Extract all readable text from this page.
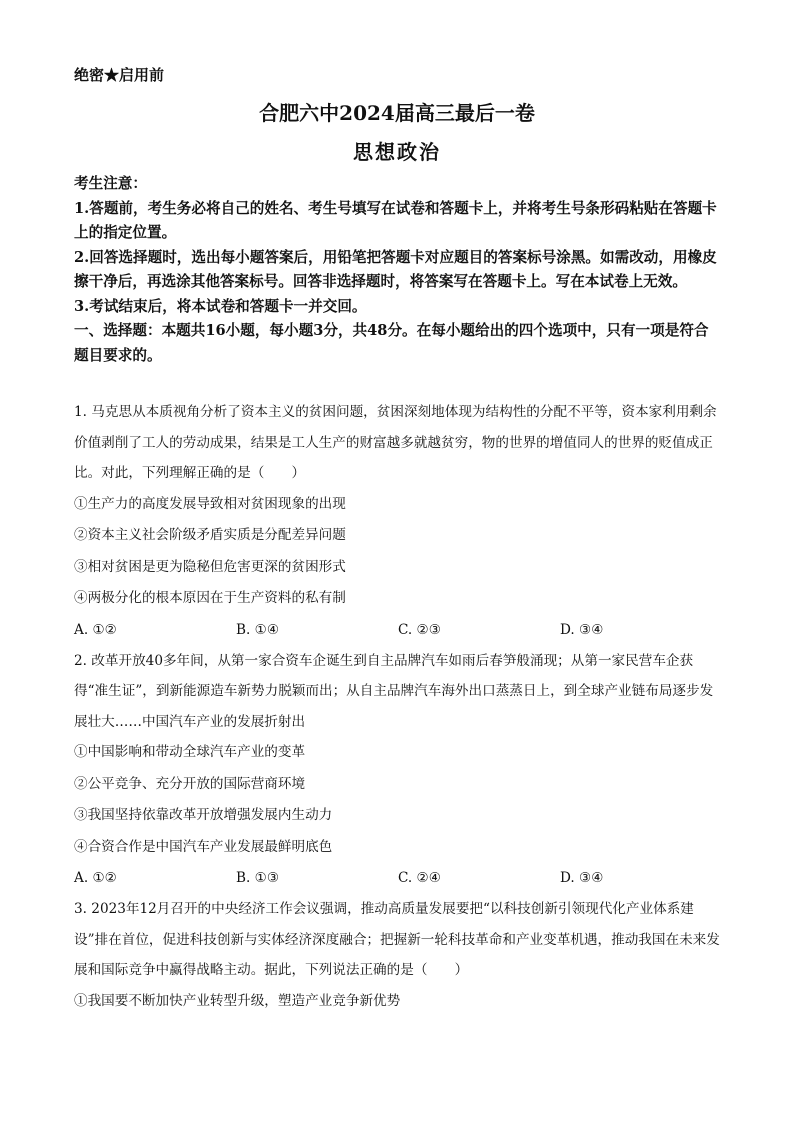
绝密★启用前

合肥六中2024届高三最后一卷
思想政治

考生注意：

1.答题前，考生务必将自己的姓名、考生号填写在试卷和答题卡上，并将考生号条形码粘贴在答题卡上的指定位置。

2.回答选择题时，选出每小题答案后，用铅笔把答题卡对应题目的答案标号涂黑。如需改动，用橡皮擦干净后，再选涂其他答案标号。回答非选择题时，将答案写在答题卡上。写在本试卷上无效。

3.考试结束后，将本试卷和答题卡一并交回。

一、选择题：本题共16小题，每小题3分，共48分。在每小题给出的四个选项中，只有一项是符合题目要求的。

1. 马克思从本质视角分析了资本主义的贫困问题，贫困深刻地体现为结构性的分配不平等，资本家利用剩余价值剥削了工人的劳动成果，结果是工人生产的财富越多就越贫穷，物的世界的增值同人的世界的贬值成正比。对此，下列理解正确的是（　　）

①生产力的高度发展导致相对贫困现象的出现

②资本主义社会阶级矛盾实质是分配差异问题

③相对贫困是更为隐秘但危害更深的贫困形式

④两极分化的根本原因在于生产资料的私有制

A. ①②	B. ①④	C. ②③	D. ③④

2. 改革开放40多年间，从第一家合资车企诞生到自主品牌汽车如雨后春笋般涌现；从第一家民营车企获得“准生证”，到新能源造车新势力脱颖而出；从自主品牌汽车海外出口蒸蒸日上，到全球产业链布局逐步发展壮大……中国汽车产业的发展折射出

①中国影响和带动全球汽车产业的变革

②公平竞争、充分开放的国际营商环境

③我国坚持依靠改革开放增强发展内生动力

④合资合作是中国汽车产业发展最鲜明底色

A. ①②	B. ①③	C. ②④	D. ③④

3. 2023年12月召开的中央经济工作会议强调，推动高质量发展要把“以科技创新引领现代化产业体系建设”排在首位，促进科技创新与实体经济深度融合；把握新一轮科技革命和产业变革机遇，推动我国在未来发展和国际竞争中赢得战略主动。据此，下列说法正确的是（　　）

①我国要不断加快产业转型升级，塑造产业竞争新优势
